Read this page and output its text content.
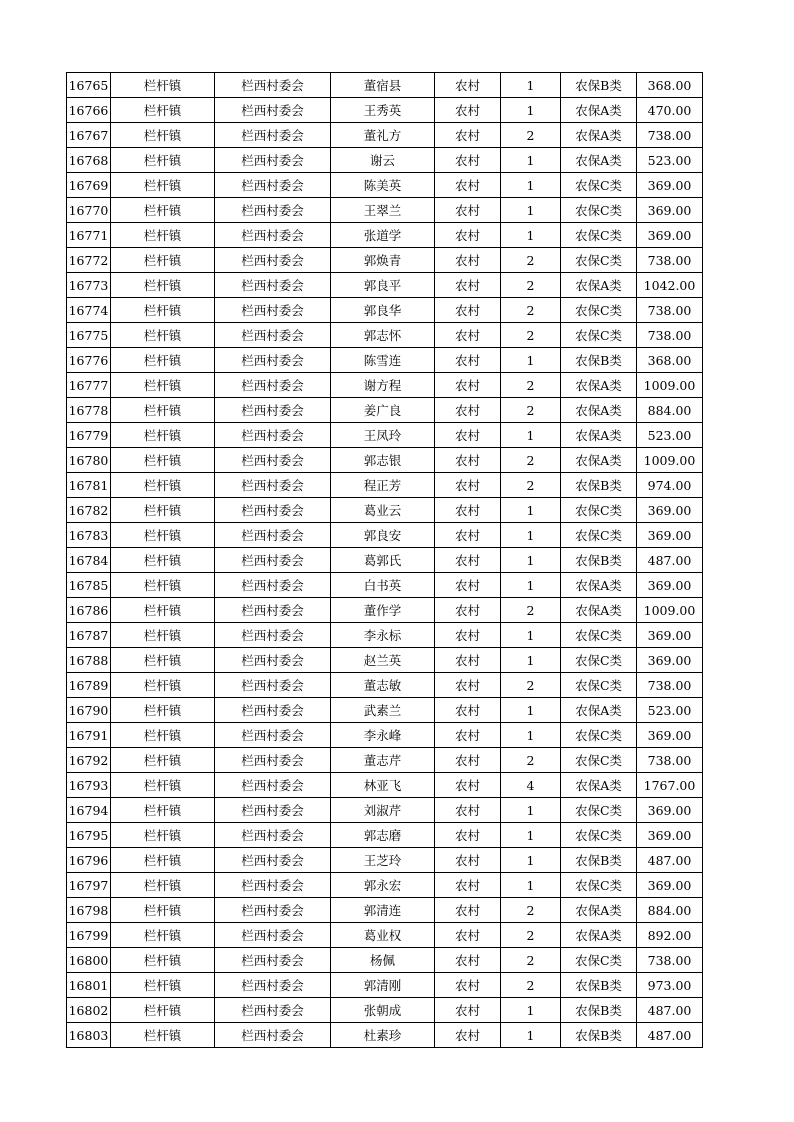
16765	栏杆镇	栏西村委会	董宿县	农村	1	农保B类	368.00
16766	栏杆镇	栏西村委会	王秀英	农村	1	农保A类	470.00
16767	栏杆镇	栏西村委会	董礼方	农村	2	农保A类	738.00
16768	栏杆镇	栏西村委会	谢云	农村	1	农保A类	523.00
16769	栏杆镇	栏西村委会	陈美英	农村	1	农保C类	369.00
16770	栏杆镇	栏西村委会	王翠兰	农村	1	农保C类	369.00
16771	栏杆镇	栏西村委会	张道学	农村	1	农保C类	369.00
16772	栏杆镇	栏西村委会	郭焕青	农村	2	农保C类	738.00
16773	栏杆镇	栏西村委会	郭良平	农村	2	农保A类	1042.00
16774	栏杆镇	栏西村委会	郭良华	农村	2	农保C类	738.00
16775	栏杆镇	栏西村委会	郭志怀	农村	2	农保C类	738.00
16776	栏杆镇	栏西村委会	陈雪连	农村	1	农保B类	368.00
16777	栏杆镇	栏西村委会	谢方程	农村	2	农保A类	1009.00
16778	栏杆镇	栏西村委会	姜广良	农村	2	农保A类	884.00
16779	栏杆镇	栏西村委会	王凤玲	农村	1	农保A类	523.00
16780	栏杆镇	栏西村委会	郭志银	农村	2	农保A类	1009.00
16781	栏杆镇	栏西村委会	程正芳	农村	2	农保B类	974.00
16782	栏杆镇	栏西村委会	葛业云	农村	1	农保C类	369.00
16783	栏杆镇	栏西村委会	郭良安	农村	1	农保C类	369.00
16784	栏杆镇	栏西村委会	葛郭氏	农村	1	农保B类	487.00
16785	栏杆镇	栏西村委会	白书英	农村	1	农保A类	369.00
16786	栏杆镇	栏西村委会	董作学	农村	2	农保A类	1009.00
16787	栏杆镇	栏西村委会	李永标	农村	1	农保C类	369.00
16788	栏杆镇	栏西村委会	赵兰英	农村	1	农保C类	369.00
16789	栏杆镇	栏西村委会	董志敏	农村	2	农保C类	738.00
16790	栏杆镇	栏西村委会	武素兰	农村	1	农保A类	523.00
16791	栏杆镇	栏西村委会	李永峰	农村	1	农保C类	369.00
16792	栏杆镇	栏西村委会	董志芹	农村	2	农保C类	738.00
16793	栏杆镇	栏西村委会	林亚飞	农村	4	农保A类	1767.00
16794	栏杆镇	栏西村委会	刘淑芹	农村	1	农保C类	369.00
16795	栏杆镇	栏西村委会	郭志磨	农村	1	农保C类	369.00
16796	栏杆镇	栏西村委会	王芝玲	农村	1	农保B类	487.00
16797	栏杆镇	栏西村委会	郭永宏	农村	1	农保C类	369.00
16798	栏杆镇	栏西村委会	郭清连	农村	2	农保A类	884.00
16799	栏杆镇	栏西村委会	葛业权	农村	2	农保A类	892.00
16800	栏杆镇	栏西村委会	杨佩	农村	2	农保C类	738.00
16801	栏杆镇	栏西村委会	郭清刚	农村	2	农保B类	973.00
16802	栏杆镇	栏西村委会	张朝成	农村	1	农保B类	487.00
16803	栏杆镇	栏西村委会	杜素珍	农村	1	农保B类	487.00
